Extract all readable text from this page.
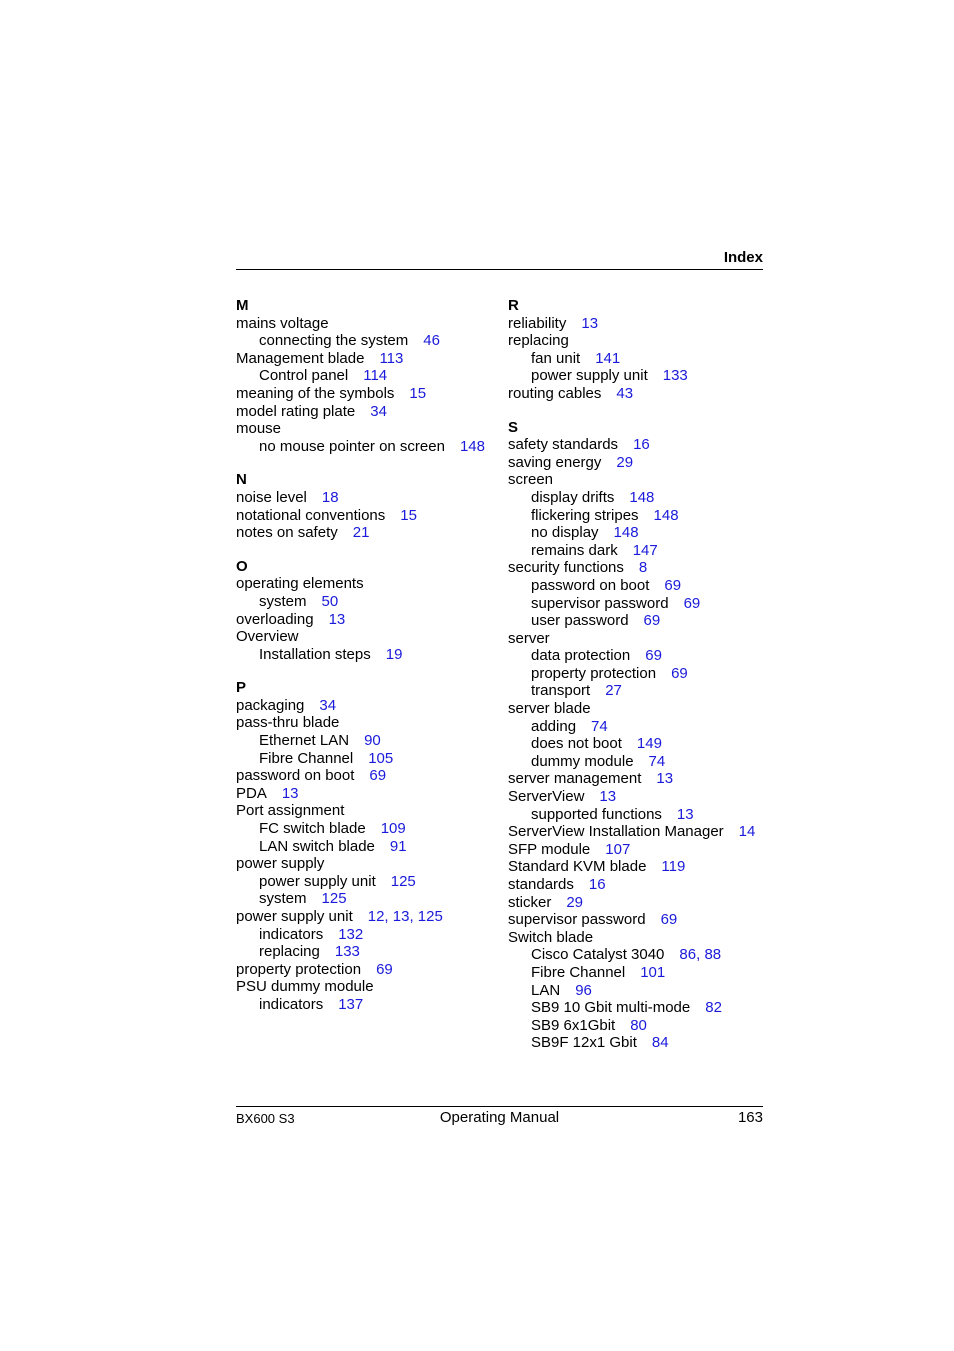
Index
M
mains voltage
connecting the system 46
Management blade 113
Control panel 114
meaning of the symbols 15
model rating plate 34
mouse
no mouse pointer on screen 148
N
noise level 18
notational conventions 15
notes on safety 21
O
operating elements
system 50
overloading 13
Overview
Installation steps 19
P
packaging 34
pass-thru blade
Ethernet LAN 90
Fibre Channel 105
password on boot 69
PDA 13
Port assignment
FC switch blade 109
LAN switch blade 91
power supply
power supply unit 125
system 125
power supply unit 12, 13, 125
indicators 132
replacing 133
property protection 69
PSU dummy module
indicators 137
R
reliability 13
replacing
fan unit 141
power supply unit 133
routing cables 43
S
safety standards 16
saving energy 29
screen
display drifts 148
flickering stripes 148
no display 148
remains dark 147
security functions 8
password on boot 69
supervisor password 69
user password 69
server
data protection 69
property protection 69
transport 27
server blade
adding 74
does not boot 149
dummy module 74
server management 13
ServerView 13
supported functions 13
ServerView Installation Manager 14
SFP module 107
Standard KVM blade 119
standards 16
sticker 29
supervisor password 69
Switch blade
Cisco Catalyst 3040 86, 88
Fibre Channel 101
LAN 96
SB9 10 Gbit multi-mode 82
SB9 6x1Gbit 80
SB9F 12x1 Gbit 84
BX600 S3	Operating Manual	163
